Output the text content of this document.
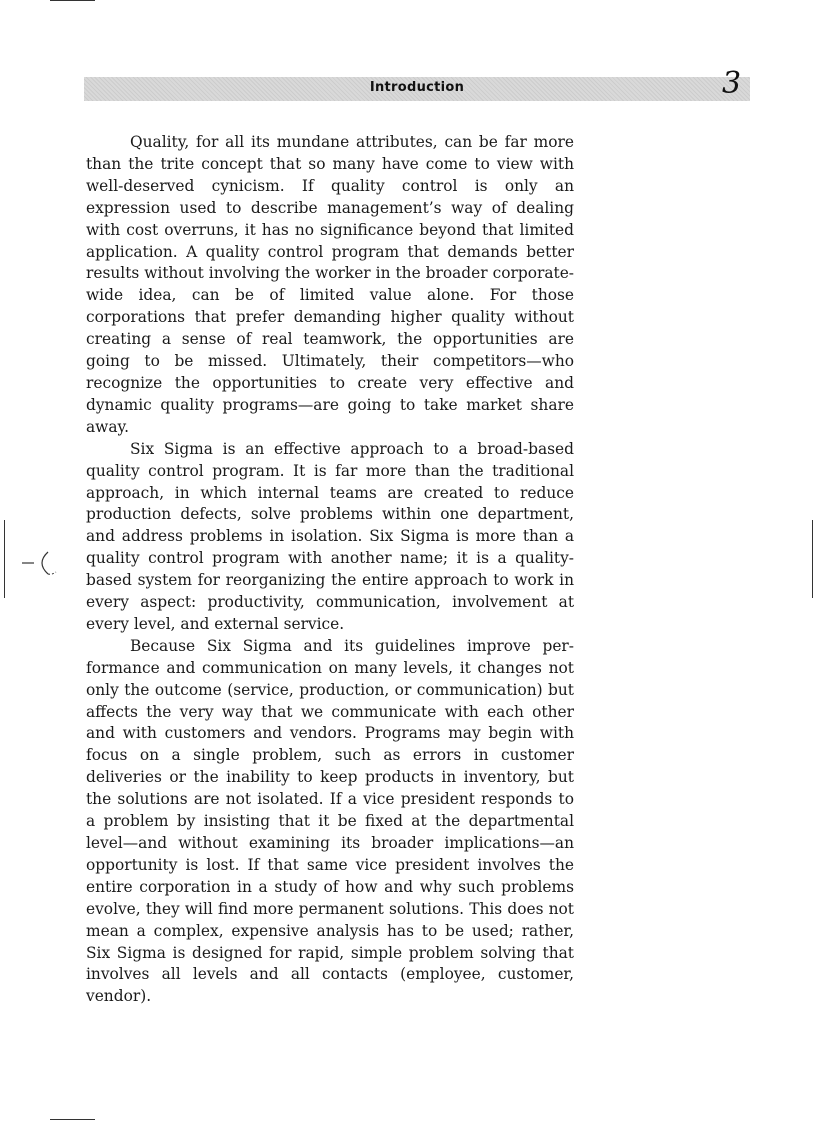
Introduction	3

Quality, for all its mundane attributes, can be far more than the trite concept that so many have come to view with well-deserved cynicism. If quality control is only an expression used to describe management’s way of dealing with cost overruns, it has no significance beyond that limited application. A quality control program that demands better results without involving the worker in the broader corporate-wide idea, can be of limited value alone. For those corporations that prefer demanding higher quality without creating a sense of real teamwork, the opportunities are going to be missed. Ultimately, their competitors—who recognize the opportunities to create very effective and dynamic quality programs—are going to take market share away.

Six Sigma is an effective approach to a broad-based quality control program. It is far more than the traditional approach, in which internal teams are created to reduce production defects, solve problems within one department, and address problems in isolation. Six Sigma is more than a quality control program with another name; it is a quality-based system for reorganizing the entire approach to work in every aspect: productivity, communication, involvement at every level, and external service.

Because Six Sigma and its guidelines improve performance and communication on many levels, it changes not only the outcome (service, production, or communication) but affects the very way that we communicate with each other and with customers and vendors. Programs may begin with focus on a single problem, such as errors in customer deliveries or the inability to keep products in inventory, but the solutions are not isolated. If a vice president responds to a problem by insisting that it be fixed at the departmental level—and without examining its broader implications—an opportunity is lost. If that same vice president involves the entire corporation in a study of how and why such problems evolve, they will find more permanent solutions. This does not mean a complex, expensive analysis has to be used; rather, Six Sigma is designed for rapid, simple problem solving that involves all levels and all contacts (employee, customer, vendor).
